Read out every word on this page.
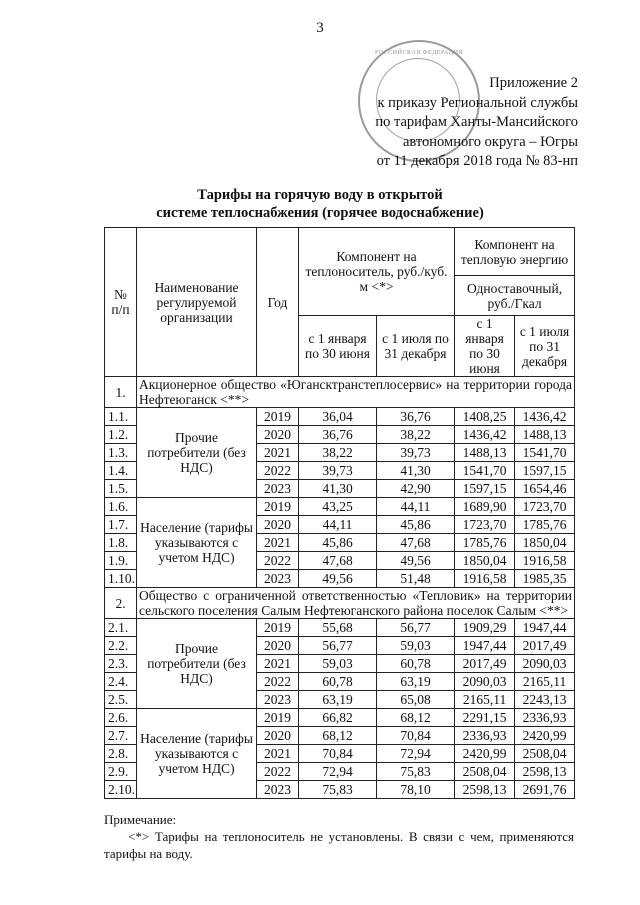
3
РОССИЙСКАЯ ФЕДЕРАЦИЯ
Приложение 2
к приказу Региональной службы
по тарифам Ханты-Мансийского
автономного округа – Югры
от 11 декабря 2018 года № 83-нп
Тарифы на горячую воду в открытой
системе теплоснабжения (горячее водоснабжение)
№ п/п	Наименование регулируемой организации	Год	Компонент на теплоноситель, руб./куб. м <*>		Компонент на тепловую энергию	
					Одноставочный, руб./Гкал	
			с 1 января по 30 июня	с 1 июля по 31 декабря	с 1 января по 30 июня	с 1 июля по 31 декабря
1.	Акционерное общество «Югансктранстеплосервис» на территории города Нефтеюганск <**>					
1.1.	Прочие потребители (без НДС)	2019	36,04	36,76	1408,25	1436,42
1.2.		2020	36,76	38,22	1436,42	1488,13
1.3.		2021	38,22	39,73	1488,13	1541,70
1.4.		2022	39,73	41,30	1541,70	1597,15
1.5.		2023	41,30	42,90	1597,15	1654,46
1.6.	Население (тарифы указываются с учетом НДС)	2019	43,25	44,11	1689,90	1723,70
1.7.		2020	44,11	45,86	1723,70	1785,76
1.8.		2021	45,86	47,68	1785,76	1850,04
1.9.		2022	47,68	49,56	1850,04	1916,58
1.10.		2023	49,56	51,48	1916,58	1985,35
2.	Общество с ограниченной ответственностью «Тепловик» на территории сельского поселения Салым Нефтеюганского района поселок Салым <**>					
2.1.	Прочие потребители (без НДС)	2019	55,68	56,77	1909,29	1947,44
2.2.		2020	56,77	59,03	1947,44	2017,49
2.3.		2021	59,03	60,78	2017,49	2090,03
2.4.		2022	60,78	63,19	2090,03	2165,11
2.5.		2023	63,19	65,08	2165,11	2243,13
2.6.	Население (тарифы указываются с учетом НДС)	2019	66,82	68,12	2291,15	2336,93
2.7.		2020	68,12	70,84	2336,93	2420,99
2.8.		2021	70,84	72,94	2420,99	2508,04
2.9.		2022	72,94	75,83	2508,04	2598,13
2.10.		2023	75,83	78,10	2598,13	2691,76
Примечание:
<*> Тарифы на теплоноситель не установлены. В связи с чем, применяются тарифы на воду.
